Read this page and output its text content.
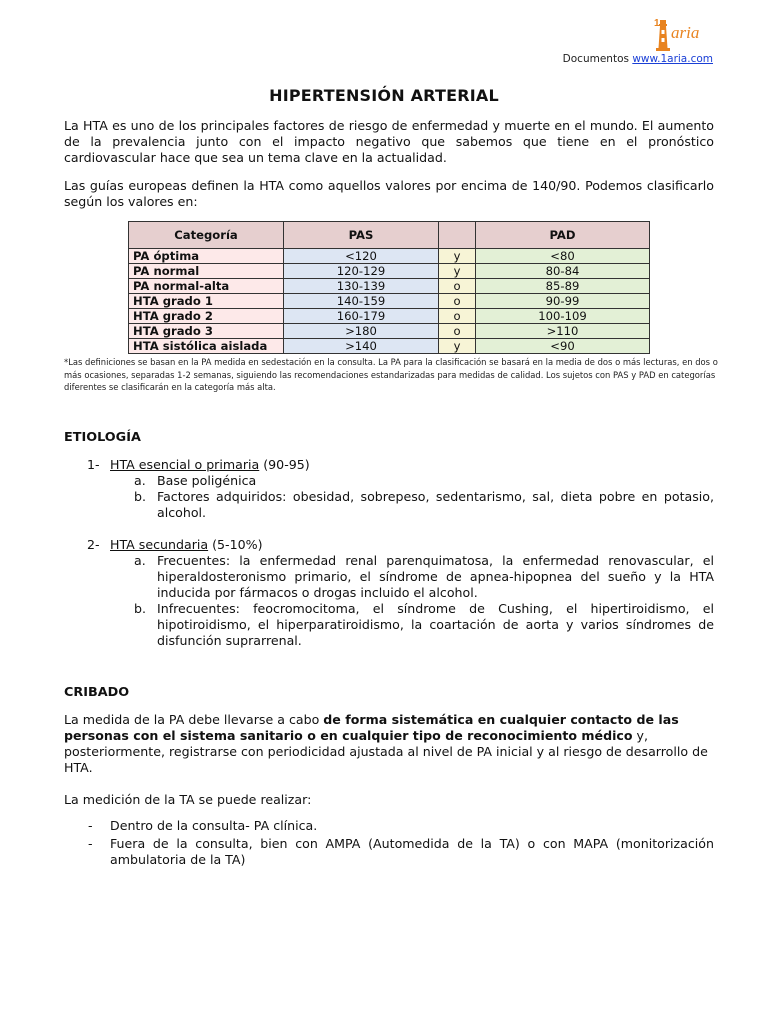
1 aria
Documentos www.1aria.com
HIPERTENSIÓN ARTERIAL
La HTA es uno de los principales factores de riesgo de enfermedad y muerte en el mundo. El aumento de la prevalencia junto con el impacto negativo que sabemos que tiene en el pronóstico cardiovascular hace que sea un tema clave en la actualidad.
Las guías europeas definen la HTA como aquellos valores por encima de 140/90. Podemos clasificarlo según los valores en:
Categoría	PAS		PAD
PA óptima	<120	y	<80
PA normal	120-129	y	80-84
PA normal-alta	130-139	o	85-89
HTA grado 1	140-159	o	90-99
HTA grado 2	160-179	o	100-109
HTA grado 3	>180	o	>110
HTA sistólica aislada	>140	y	<90
*Las definiciones se basan en la PA medida en sedestación en la consulta. La PA para la clasificación se basará en la media de dos o más lecturas, en dos o más ocasiones, separadas 1-2 semanas, siguiendo las recomendaciones estandarizadas para medidas de calidad. Los sujetos con PAS y PAD en categorías diferentes se clasificarán en la categoría más alta.
ETIOLOGÍA
1- HTA esencial o primaria (90-95)
a. Base poligénica
b. Factores adquiridos: obesidad, sobrepeso, sedentarismo, sal, dieta pobre en potasio, alcohol.
2- HTA secundaria (5-10%)
a. Frecuentes: la enfermedad renal parenquimatosa, la enfermedad renovascular, el hiperaldosteronismo primario, el síndrome de apnea-hipopnea del sueño y la HTA inducida por fármacos o drogas incluido el alcohol.
b. Infrecuentes: feocromocitoma, el síndrome de Cushing, el hipertiroidismo, el hipotiroidismo, el hiperparatiroidismo, la coartación de aorta y varios síndromes de disfunción suprarrenal.
CRIBADO
La medida de la PA debe llevarse a cabo de forma sistemática en cualquier contacto de las personas con el sistema sanitario o en cualquier tipo de reconocimiento médico y, posteriormente, registrarse con periodicidad ajustada al nivel de PA inicial y al riesgo de desarrollo de HTA.
La medición de la TA se puede realizar:
- Dentro de la consulta- PA clínica.
- Fuera de la consulta, bien con AMPA (Automedida de la TA) o con MAPA (monitorización ambulatoria de la TA)
